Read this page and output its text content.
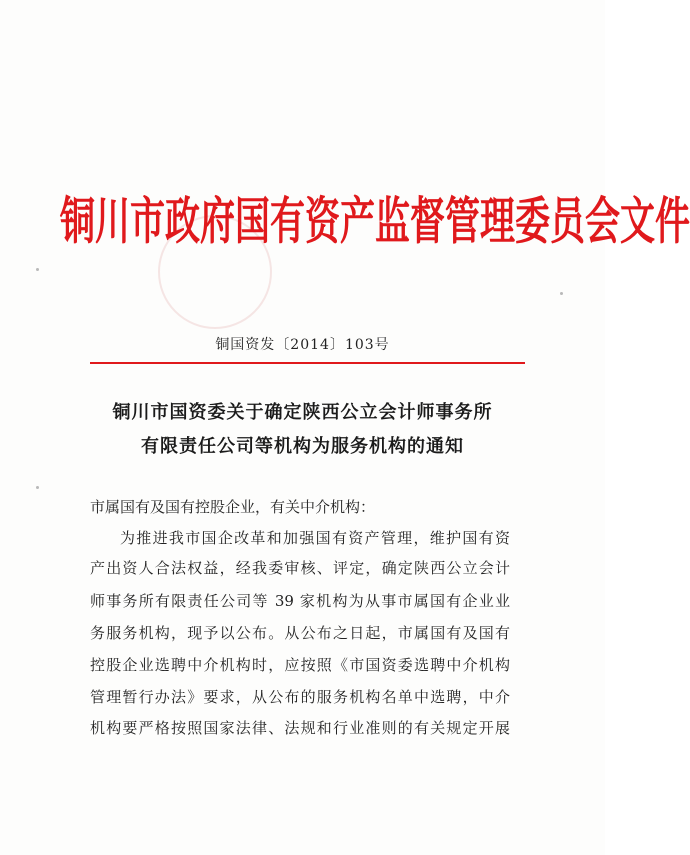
铜川市政府国有资产监督管理委员会文件
铜国资发〔2014〕103号
铜川市国资委关于确定陕西公立会计师事务所
有限责任公司等机构为服务机构的通知
市属国有及国有控股企业，有关中介机构：
为推进我市国企改革和加强国有资产管理，维护国有资
产出资人合法权益，经我委审核、评定，确定陕西公立会计
师事务所有限责任公司等 39 家机构为从事市属国有企业业
务服务机构，现予以公布。从公布之日起，市属国有及国有
控股企业选聘中介机构时，应按照《市国资委选聘中介机构
管理暂行办法》要求，从公布的服务机构名单中选聘，中介
机构要严格按照国家法律、法规和行业准则的有关规定开展
